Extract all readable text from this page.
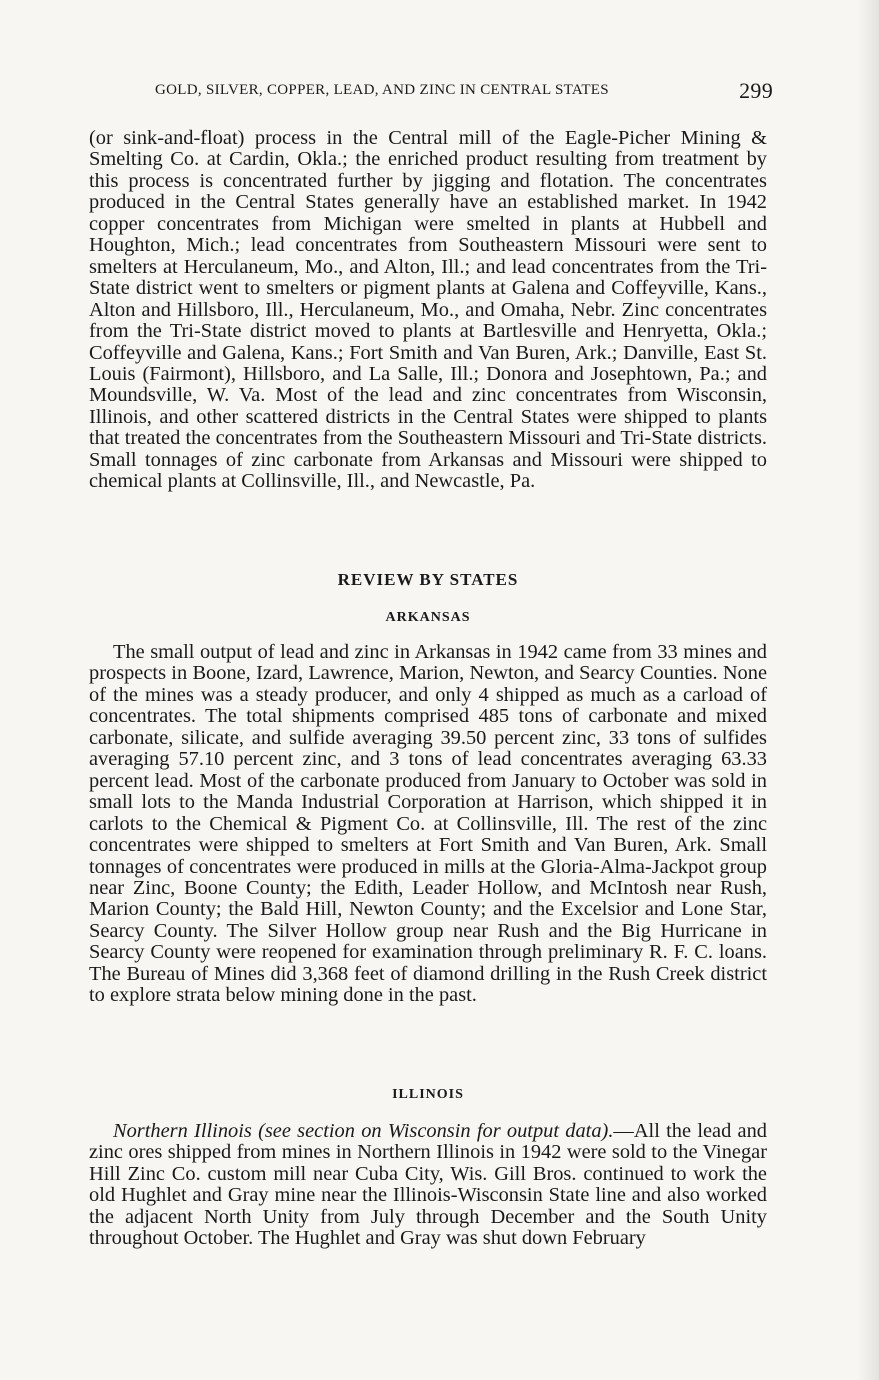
GOLD, SILVER, COPPER, LEAD, AND ZINC IN CENTRAL STATES	299

(or sink-and-float) process in the Central mill of the Eagle-Picher Mining & Smelting Co. at Cardin, Okla.; the enriched product resulting from treatment by this process is concentrated further by jigging and flotation. The concentrates produced in the Central States generally have an established market. In 1942 copper concentrates from Michigan were smelted in plants at Hubbell and Houghton, Mich.; lead concentrates from Southeastern Missouri were sent to smelters at Herculaneum, Mo., and Alton, Ill.; and lead concentrates from the Tri-State district went to smelters or pigment plants at Galena and Coffeyville, Kans., Alton and Hillsboro, Ill., Herculaneum, Mo., and Omaha, Nebr. Zinc concentrates from the Tri-State district moved to plants at Bartlesville and Henryetta, Okla.; Coffeyville and Galena, Kans.; Fort Smith and Van Buren, Ark.; Danville, East St. Louis (Fairmont), Hillsboro, and La Salle, Ill.; Donora and Josephtown, Pa.; and Moundsville, W. Va. Most of the lead and zinc concentrates from Wisconsin, Illinois, and other scattered districts in the Central States were shipped to plants that treated the concentrates from the Southeastern Missouri and Tri-State districts. Small tonnages of zinc carbonate from Arkansas and Missouri were shipped to chemical plants at Collinsville, Ill., and Newcastle, Pa.

REVIEW BY STATES
ARKANSAS

The small output of lead and zinc in Arkansas in 1942 came from 33 mines and prospects in Boone, Izard, Lawrence, Marion, Newton, and Searcy Counties. None of the mines was a steady producer, and only 4 shipped as much as a carload of concentrates. The total shipments comprised 485 tons of carbonate and mixed carbonate, silicate, and sulfide averaging 39.50 percent zinc, 33 tons of sulfides averaging 57.10 percent zinc, and 3 tons of lead concentrates averaging 63.33 percent lead. Most of the carbonate produced from January to October was sold in small lots to the Manda Industrial Corporation at Harrison, which shipped it in carlots to the Chemical & Pigment Co. at Collinsville, Ill. The rest of the zinc concentrates were shipped to smelters at Fort Smith and Van Buren, Ark. Small tonnages of concentrates were produced in mills at the Gloria-Alma-Jackpot group near Zinc, Boone County; the Edith, Leader Hollow, and McIntosh near Rush, Marion County; the Bald Hill, Newton County; and the Excelsior and Lone Star, Searcy County. The Silver Hollow group near Rush and the Big Hurricane in Searcy County were reopened for examination through preliminary R. F. C. loans. The Bureau of Mines did 3,368 feet of diamond drilling in the Rush Creek district to explore strata below mining done in the past.

ILLINOIS

Northern Illinois (see section on Wisconsin for output data).—All the lead and zinc ores shipped from mines in Northern Illinois in 1942 were sold to the Vinegar Hill Zinc Co. custom mill near Cuba City, Wis. Gill Bros. continued to work the old Hughlet and Gray mine near the Illinois-Wisconsin State line and also worked the adjacent North Unity from July through December and the South Unity throughout October. The Hughlet and Gray was shut down February
